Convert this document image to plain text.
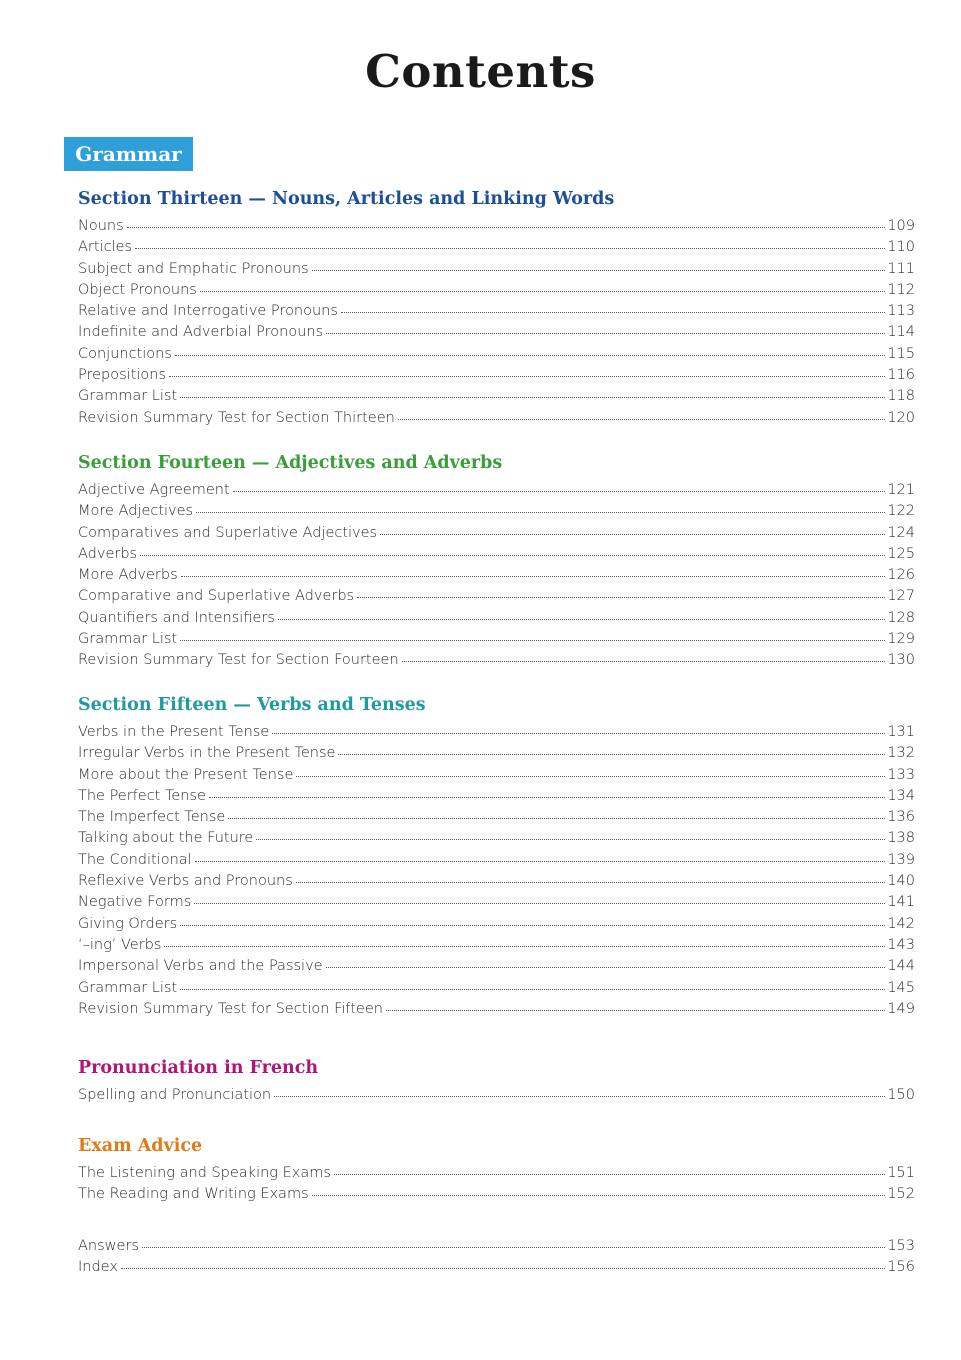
Contents
Grammar
Section Thirteen — Nouns, Articles and Linking Words
Nouns	109
Articles	110
Subject and Emphatic Pronouns	111
Object Pronouns	112
Relative and Interrogative Pronouns	113
Indefinite and Adverbial Pronouns	114
Conjunctions	115
Prepositions	116
Grammar List	118
Revision Summary Test for Section Thirteen	120
Section Fourteen — Adjectives and Adverbs
Adjective Agreement	121
More Adjectives	122
Comparatives and Superlative Adjectives	124
Adverbs	125
More Adverbs	126
Comparative and Superlative Adverbs	127
Quantifiers and Intensifiers	128
Grammar List	129
Revision Summary Test for Section Fourteen	130
Section Fifteen — Verbs and Tenses
Verbs in the Present Tense	131
Irregular Verbs in the Present Tense	132
More about the Present Tense	133
The Perfect Tense	134
The Imperfect Tense	136
Talking about the Future	138
The Conditional	139
Reflexive Verbs and Pronouns	140
Negative Forms	141
Giving Orders	142
‘–ing’ Verbs	143
Impersonal Verbs and the Passive	144
Grammar List	145
Revision Summary Test for Section Fifteen	149
Pronunciation in French
Spelling and Pronunciation	150
Exam Advice
The Listening and Speaking Exams	151
The Reading and Writing Exams	152
Answers	153
Index	156
